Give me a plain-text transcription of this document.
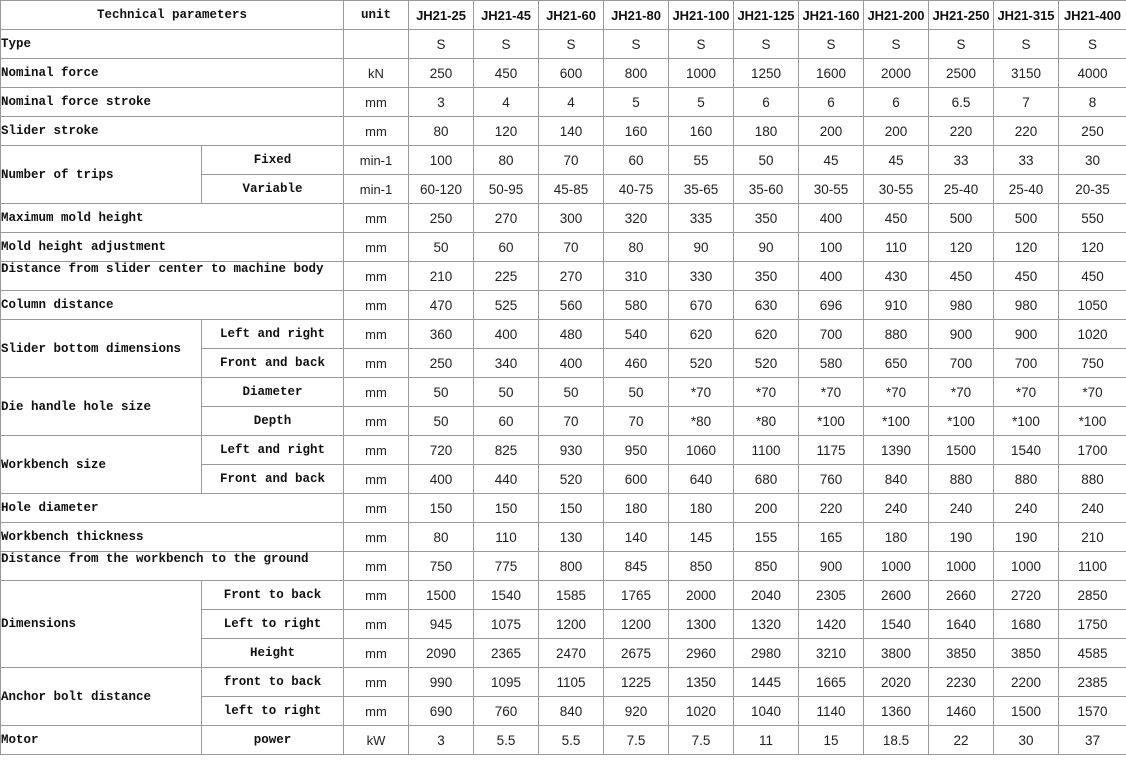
Technical parameters		unit	JH21-25	JH21-45	JH21-60	JH21-80	JH21-100	JH21-125	JH21-160	JH21-200	JH21-250	JH21-315	JH21-400
Type			S	S	S	S	S	S	S	S	S	S	S
Nominal force		kN	250	450	600	800	1000	1250	1600	2000	2500	3150	4000
Nominal force stroke		mm	3	4	4	5	5	6	6	6	6.5	7	8
Slider stroke		mm	80	120	140	160	160	180	200	200	220	220	250
Number of trips	Fixed	min-1	100	80	70	60	55	50	45	45	33	33	30
	Variable	min-1	60-120	50-95	45-85	40-75	35-65	35-60	30-55	30-55	25-40	25-40	20-35
Maximum mold height		mm	250	270	300	320	335	350	400	450	500	500	550
Mold height adjustment		mm	50	60	70	80	90	90	100	110	120	120	120
Distance from slider center to machine body		mm	210	225	270	310	330	350	400	430	450	450	450
Column distance		mm	470	525	560	580	670	630	696	910	980	980	1050
Slider bottom dimensions	Left and right	mm	360	400	480	540	620	620	700	880	900	900	1020
	Front and back	mm	250	340	400	460	520	520	580	650	700	700	750
Die handle hole size	Diameter	mm	50	50	50	50	*70	*70	*70	*70	*70	*70	*70
	Depth	mm	50	60	70	70	*80	*80	*100	*100	*100	*100	*100
Workbench size	Left and right	mm	720	825	930	950	1060	1100	1175	1390	1500	1540	1700
	Front and back	mm	400	440	520	600	640	680	760	840	880	880	880
Hole diameter		mm	150	150	150	180	180	200	220	240	240	240	240
Workbench thickness		mm	80	110	130	140	145	155	165	180	190	190	210
Distance from the workbench to the ground		mm	750	775	800	845	850	850	900	1000	1000	1000	1100
Dimensions	Front to back	mm	1500	1540	1585	1765	2000	2040	2305	2600	2660	2720	2850
	Left to right	mm	945	1075	1200	1200	1300	1320	1420	1540	1640	1680	1750
	Height	mm	2090	2365	2470	2675	2960	2980	3210	3800	3850	3850	4585
Anchor bolt distance	front to back	mm	990	1095	1105	1225	1350	1445	1665	2020	2230	2200	2385
	left to right	mm	690	760	840	920	1020	1040	1140	1360	1460	1500	1570
Motor	power	kW	3	5.5	5.5	7.5	7.5	11	15	18.5	22	30	37
